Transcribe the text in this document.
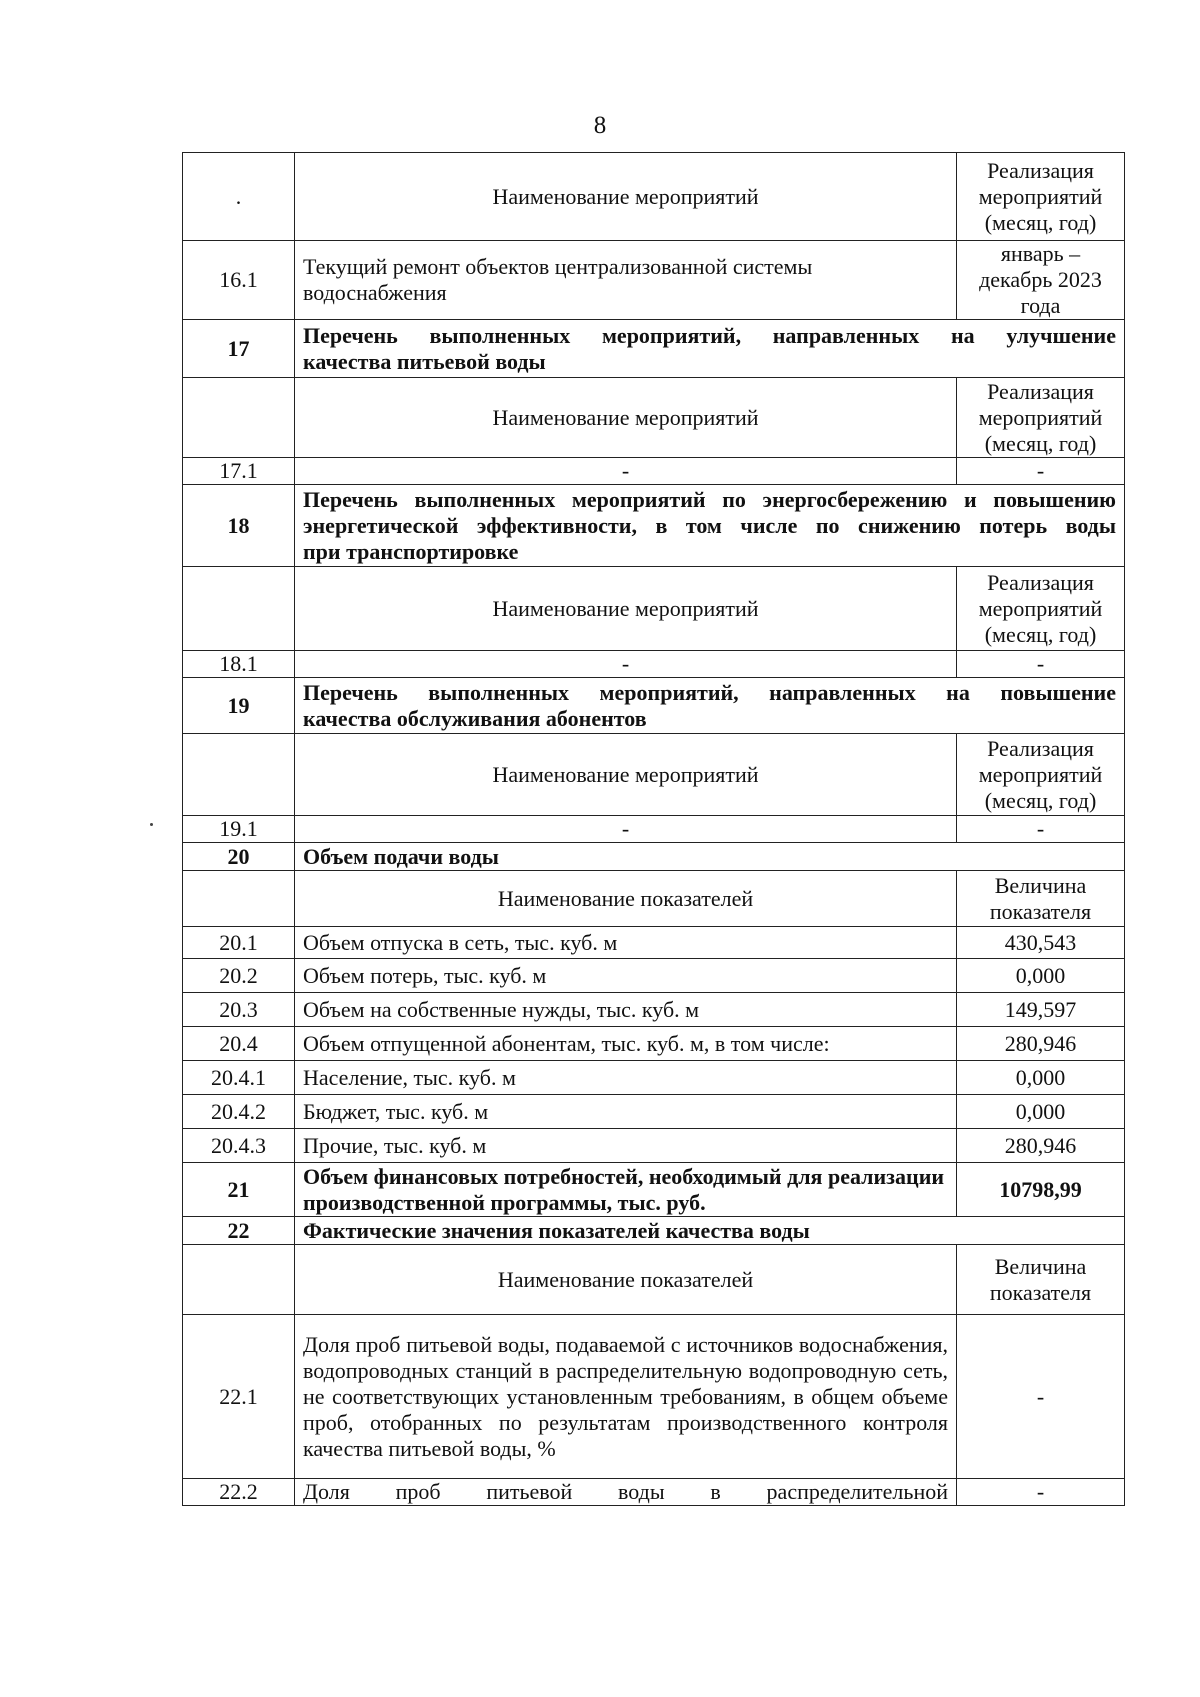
8
.	Наименование мероприятий	Реализация мероприятий (месяц, год)
16.1	Текущий ремонт объектов централизованной системы водоснабжения	январь – декабрь 2023 года
17	Перечень выполненных мероприятий, направленных на улучшение
качества питьевой воды	

	Наименование мероприятий	Реализация мероприятий (месяц, год)
17.1	-	-
18	Перечень выполненных мероприятий по энергосбережению и повышению
энергетической эффективности, в том числе по снижению потерь воды
при транспортировке	

	Наименование мероприятий	Реализация мероприятий (месяц, год)
18.1	-	-
19	Перечень выполненных мероприятий, направленных на повышение
качества обслуживания абонентов	

	Наименование мероприятий	Реализация мероприятий (месяц, год)
19.1	-	-
20	Объем подачи воды	
	Наименование показателей	Величина показателя
20.1	Объем отпуска в сеть, тыс. куб. м	430,543
20.2	Объем потерь, тыс. куб. м	0,000
20.3	Объем на собственные нужды, тыс. куб. м	149,597
20.4	Объем отпущенной абонентам, тыс. куб. м, в том числе:	280,946
20.4.1	Население, тыс. куб. м	0,000
20.4.2	Бюджет, тыс. куб. м	0,000
20.4.3	Прочие, тыс. куб. м	280,946
21	Объем финансовых потребностей, необходимый для реализации производственной программы, тыс. руб.	10798,99
22	Фактические значения показателей качества воды	
	Наименование показателей	Величина показателя
22.1	Доля проб питьевой воды, подаваемой с источников водоснабжения, водопроводных станций в распределительную водопроводную сеть, не соответствующих установленным требованиям, в общем объеме проб, отобранных по результатам производственного контроля качества питьевой воды, %	-
22.2	Доля проб питьевой воды в распределительной	-
